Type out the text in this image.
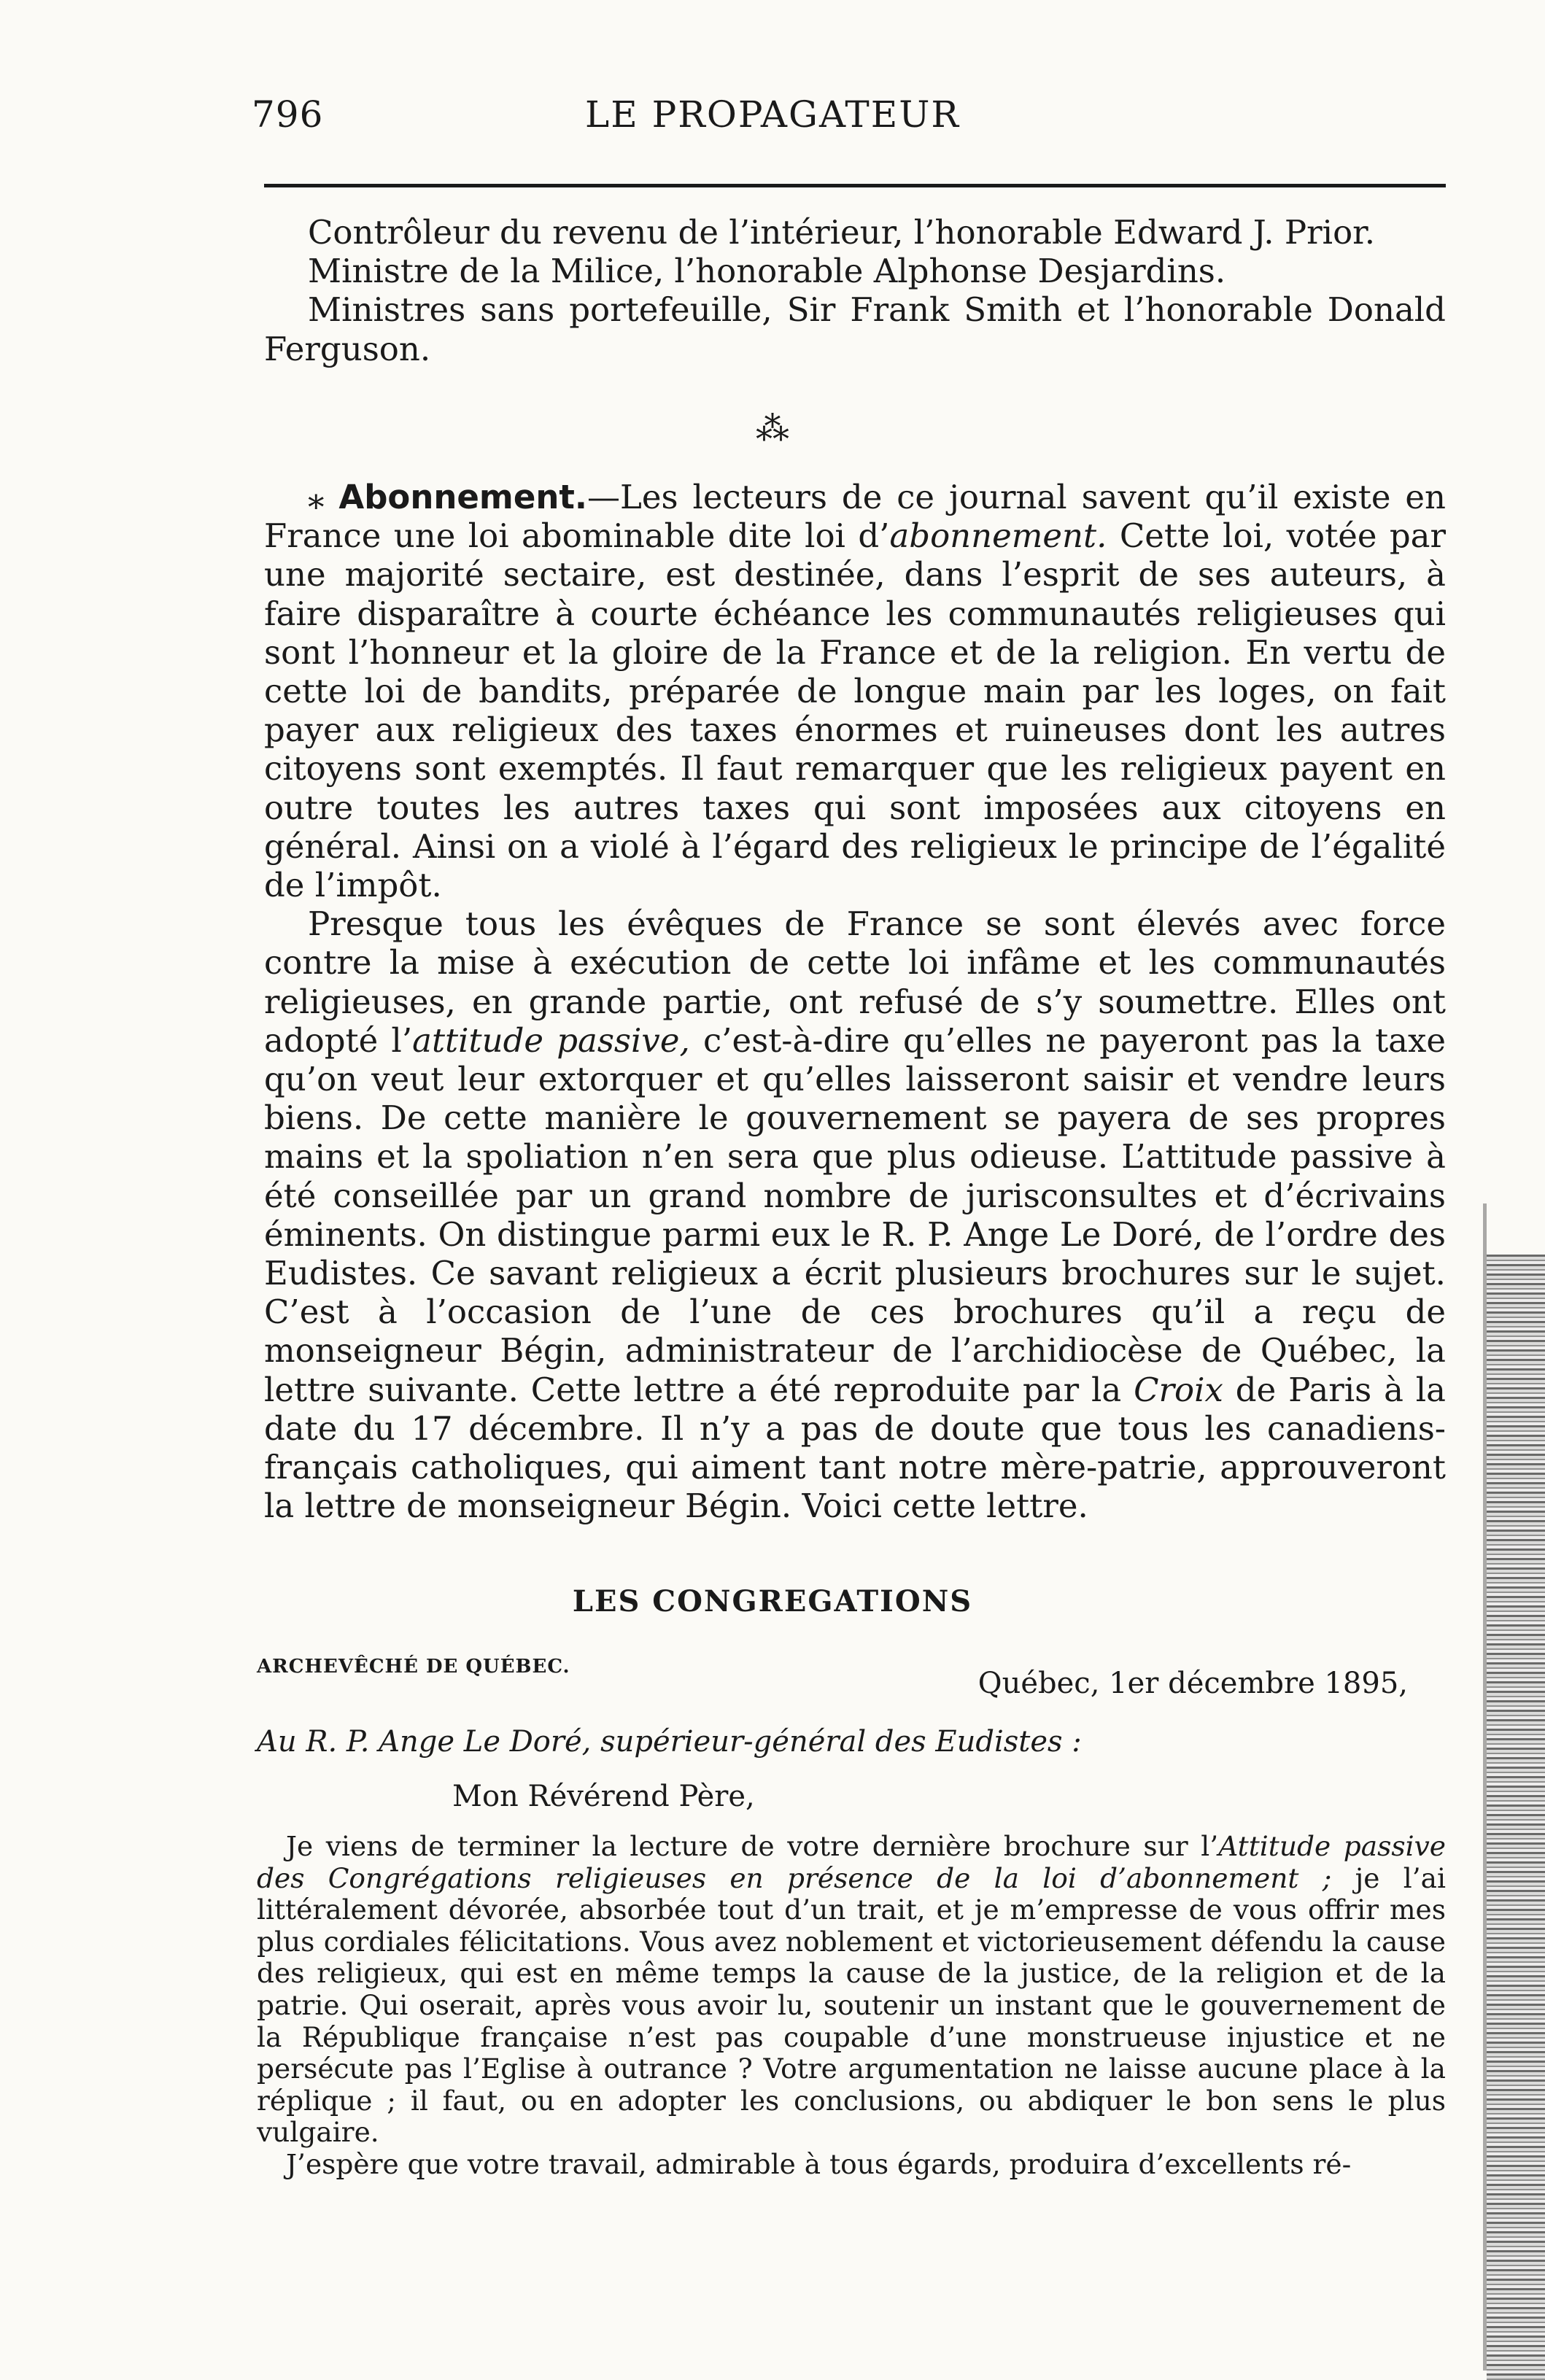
796	LE PROPAGATEUR

Contrôleur du revenu de l’intérieur, l’honorable Edward J. Prior.

Ministre de la Milice, l’honorable Alphonse Desjardins.

Ministres sans portefeuille, Sir Frank Smith et l’honorable Donald Ferguson.

⁂

⁎ Abonnement.—Les lecteurs de ce journal savent qu’il existe en France une loi abominable dite loi d’abonnement. Cette loi, votée par une majorité sectaire, est destinée, dans l’esprit de ses auteurs, à faire disparaître à courte échéance les communautés religieuses qui sont l’honneur et la gloire de la France et de la religion. En vertu de cette loi de bandits, préparée de longue main par les loges, on fait payer aux religieux des taxes énormes et ruineuses dont les autres citoyens sont exemptés. Il faut remarquer que les religieux payent en outre toutes les autres taxes qui sont imposées aux citoyens en général. Ainsi on a violé à l’égard des religieux le principe de l’égalité de l’impôt.

Presque tous les évêques de France se sont élevés avec force contre la mise à exécution de cette loi infâme et les communautés religieuses, en grande partie, ont refusé de s’y soumettre. Elles ont adopté l’attitude passive, c’est-à-dire qu’elles ne payeront pas la taxe qu’on veut leur extorquer et qu’elles laisseront saisir et vendre leurs biens. De cette manière le gouvernement se payera de ses propres mains et la spoliation n’en sera que plus odieuse. L’attitude passive à été conseillée par un grand nombre de jurisconsultes et d’écrivains éminents. On distingue parmi eux le R. P. Ange Le Doré, de l’ordre des Eudistes. Ce savant religieux a écrit plusieurs brochures sur le sujet. C’est à l’occasion de l’une de ces brochures qu’il a reçu de monseigneur Bégin, administrateur de l’archidiocèse de Québec, la lettre suivante. Cette lettre a été reproduite par la Croix de Paris à la date du 17 décembre. Il n’y a pas de doute que tous les canadiens-français catholiques, qui aiment tant notre mère-patrie, approuveront la lettre de monseigneur Bégin. Voici cette lettre.

LES CONGREGATIONS
ARCHEVÊCHÉ DE QUÉBEC.	Québec, 1er décembre 1895,
Au R. P. Ange Le Doré, supérieur-général des Eudistes :
Mon Révérend Père,

Je viens de terminer la lecture de votre dernière brochure sur l’Attitude passive des Congrégations religieuses en présence de la loi d’abonnement ; je l’ai littéralement dévorée, absorbée tout d’un trait, et je m’empresse de vous offrir mes plus cordiales félicitations. Vous avez noblement et victorieusement défendu la cause des religieux, qui est en même temps la cause de la justice, de la religion et de la patrie. Qui oserait, après vous avoir lu, soutenir un instant que le gouvernement de la République française n’est pas coupable d’une monstrueuse injustice et ne persécute pas l’Eglise à outrance ? Votre argumentation ne laisse aucune place à la réplique ; il faut, ou en adopter les conclusions, ou abdiquer le bon sens le plus vulgaire.

J’espère que votre travail, admirable à tous égards, produira d’excellents ré-
